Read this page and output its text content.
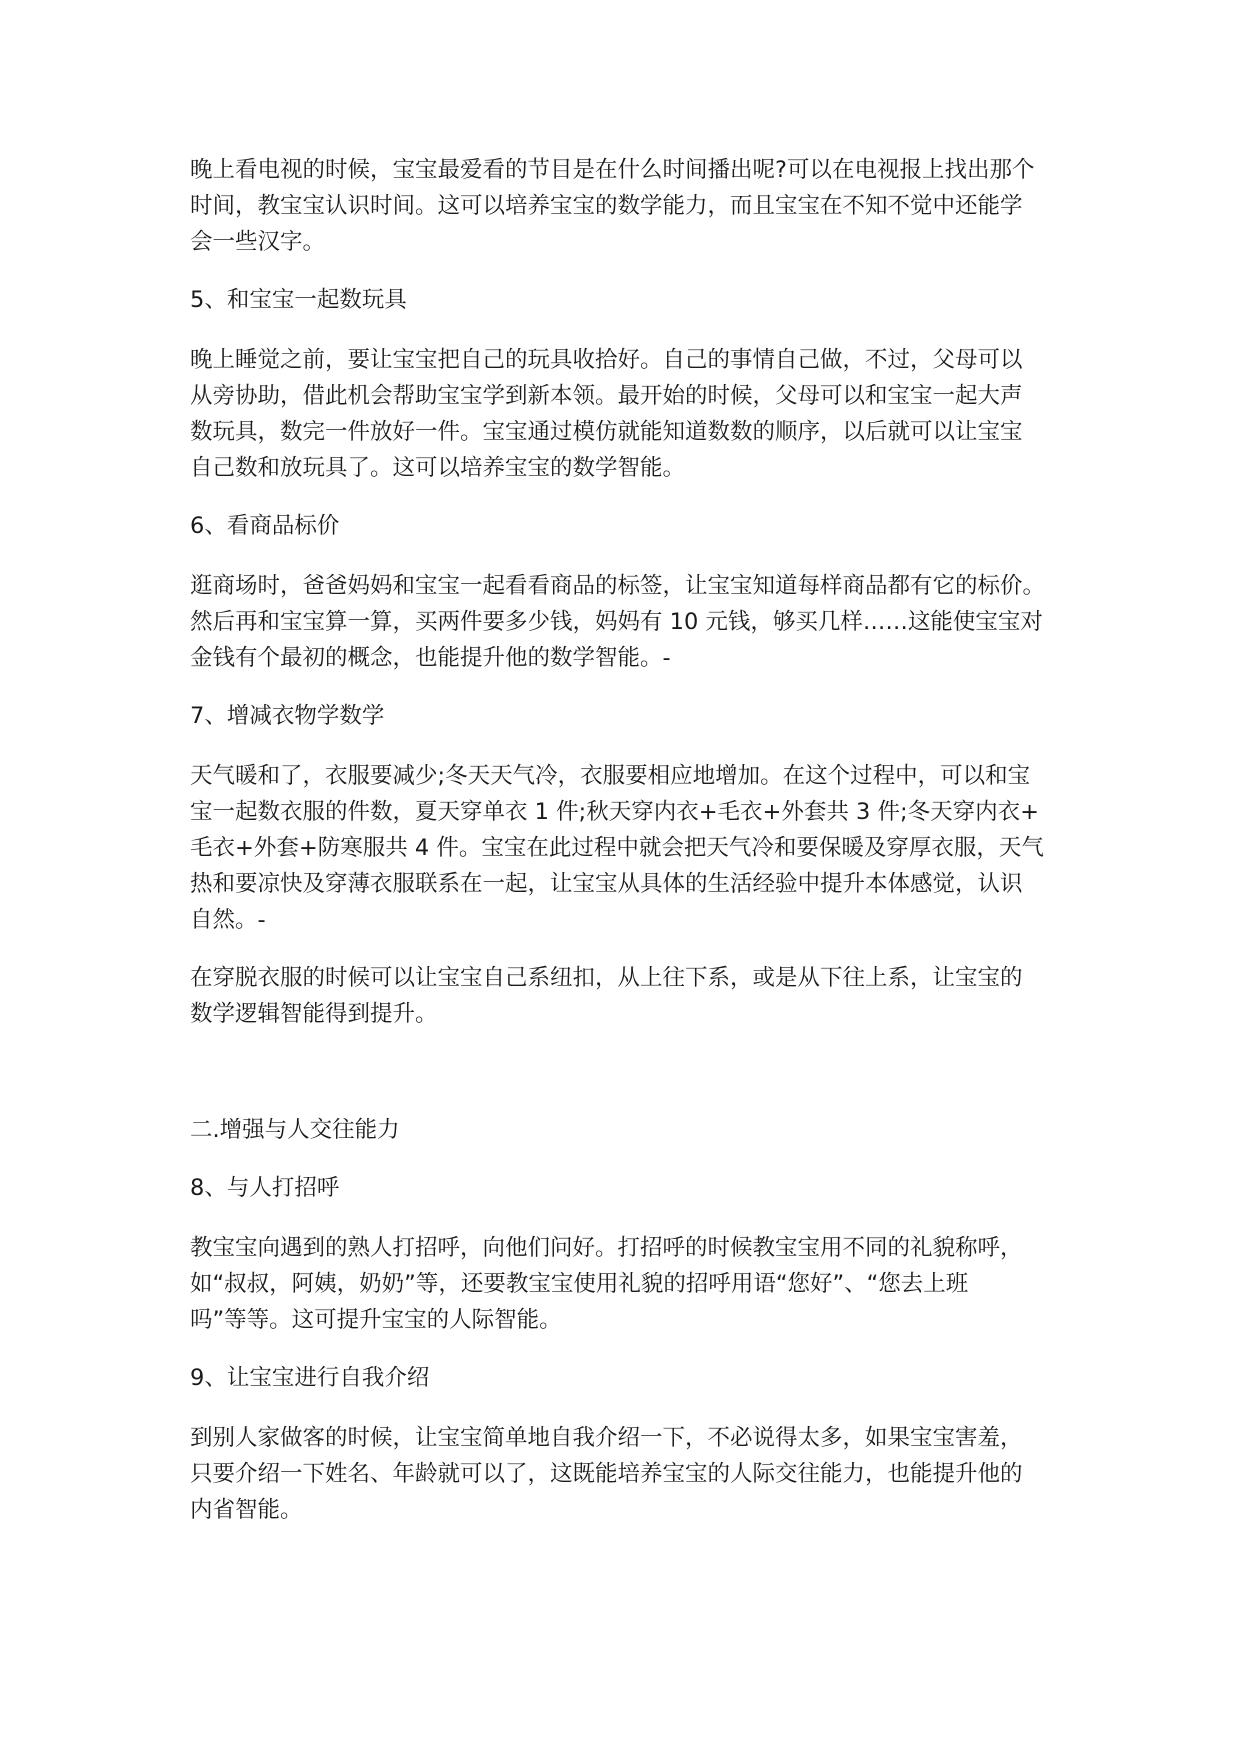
晚上看电视的时候，宝宝最爱看的节目是在什么时间播出呢?可以在电视报上找出那个
时间，教宝宝认识时间。这可以培养宝宝的数学能力，而且宝宝在不知不觉中还能学
会一些汉字。
5、和宝宝一起数玩具
晚上睡觉之前，要让宝宝把自己的玩具收拾好。自己的事情自己做，不过，父母可以
从旁协助，借此机会帮助宝宝学到新本领。最开始的时候，父母可以和宝宝一起大声
数玩具，数完一件放好一件。宝宝通过模仿就能知道数数的顺序，以后就可以让宝宝
自己数和放玩具了。这可以培养宝宝的数学智能。
6、看商品标价
逛商场时，爸爸妈妈和宝宝一起看看商品的标签，让宝宝知道每样商品都有它的标价。
然后再和宝宝算一算，买两件要多少钱，妈妈有 10 元钱，够买几样……这能使宝宝对
金钱有个最初的概念，也能提升他的数学智能。-
7、增减衣物学数学
天气暖和了，衣服要减少;冬天天气冷，衣服要相应地增加。在这个过程中，可以和宝
宝一起数衣服的件数，夏天穿单衣 1 件;秋天穿内衣+毛衣+外套共 3 件;冬天穿内衣+
毛衣+外套+防寒服共 4 件。宝宝在此过程中就会把天气冷和要保暖及穿厚衣服，天气
热和要凉快及穿薄衣服联系在一起，让宝宝从具体的生活经验中提升本体感觉，认识
自然。-
在穿脱衣服的时候可以让宝宝自己系纽扣，从上往下系，或是从下往上系，让宝宝的
数学逻辑智能得到提升。
二.增强与人交往能力
8、与人打招呼
教宝宝向遇到的熟人打招呼，向他们问好。打招呼的时候教宝宝用不同的礼貌称呼，
如“叔叔，阿姨，奶奶”等，还要教宝宝使用礼貌的招呼用语“您好”、“您去上班
吗”等等。这可提升宝宝的人际智能。
9、让宝宝进行自我介绍
到别人家做客的时候，让宝宝简单地自我介绍一下，不必说得太多，如果宝宝害羞，
只要介绍一下姓名、年龄就可以了，这既能培养宝宝的人际交往能力，也能提升他的
内省智能。
